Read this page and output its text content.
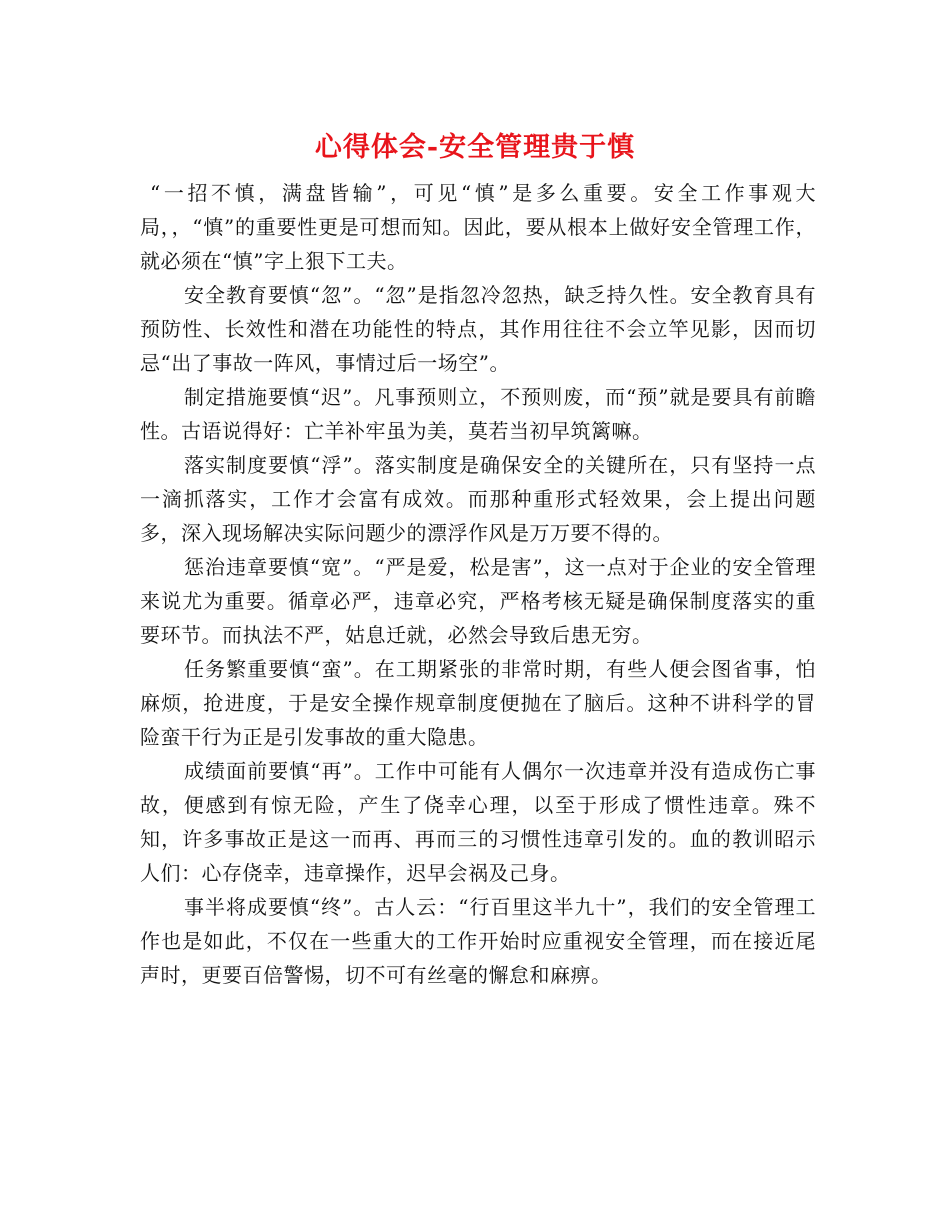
心得体会-安全管理贵于慎

“一招不慎，满盘皆输”，可见“慎”是多么重要。安全工作事观大局，，“慎”的重要性更是可想而知。因此，要从根本上做好安全管理工作，就必须在“慎”字上狠下工夫。

安全教育要慎“忽”。“忽”是指忽冷忽热，缺乏持久性。安全教育具有预防性、长效性和潜在功能性的特点，其作用往往不会立竿见影，因而切忌“出了事故一阵风，事情过后一场空”。

制定措施要慎“迟”。凡事预则立，不预则废，而“预”就是要具有前瞻性。古语说得好：亡羊补牢虽为美，莫若当初早筑篱嘛。

落实制度要慎“浮”。落实制度是确保安全的关键所在，只有坚持一点一滴抓落实，工作才会富有成效。而那种重形式轻效果，会上提出问题多，深入现场解决实际问题少的漂浮作风是万万要不得的。

惩治违章要慎“宽”。“严是爱，松是害”，这一点对于企业的安全管理来说尤为重要。循章必严，违章必究，严格考核无疑是确保制度落实的重要环节。而执法不严，姑息迁就，必然会导致后患无穷。

任务繁重要慎“蛮”。在工期紧张的非常时期，有些人便会图省事，怕麻烦，抢进度，于是安全操作规章制度便抛在了脑后。这种不讲科学的冒险蛮干行为正是引发事故的重大隐患。

成绩面前要慎“再”。工作中可能有人偶尔一次违章并没有造成伤亡事故，便感到有惊无险，产生了侥幸心理，以至于形成了惯性违章。殊不知，许多事故正是这一而再、再而三的习惯性违章引发的。血的教训昭示人们：心存侥幸，违章操作，迟早会祸及己身。

事半将成要慎“终”。古人云：“行百里这半九十”，我们的安全管理工作也是如此，不仅在一些重大的工作开始时应重视安全管理，而在接近尾声时，更要百倍警惕，切不可有丝毫的懈怠和麻痹。
